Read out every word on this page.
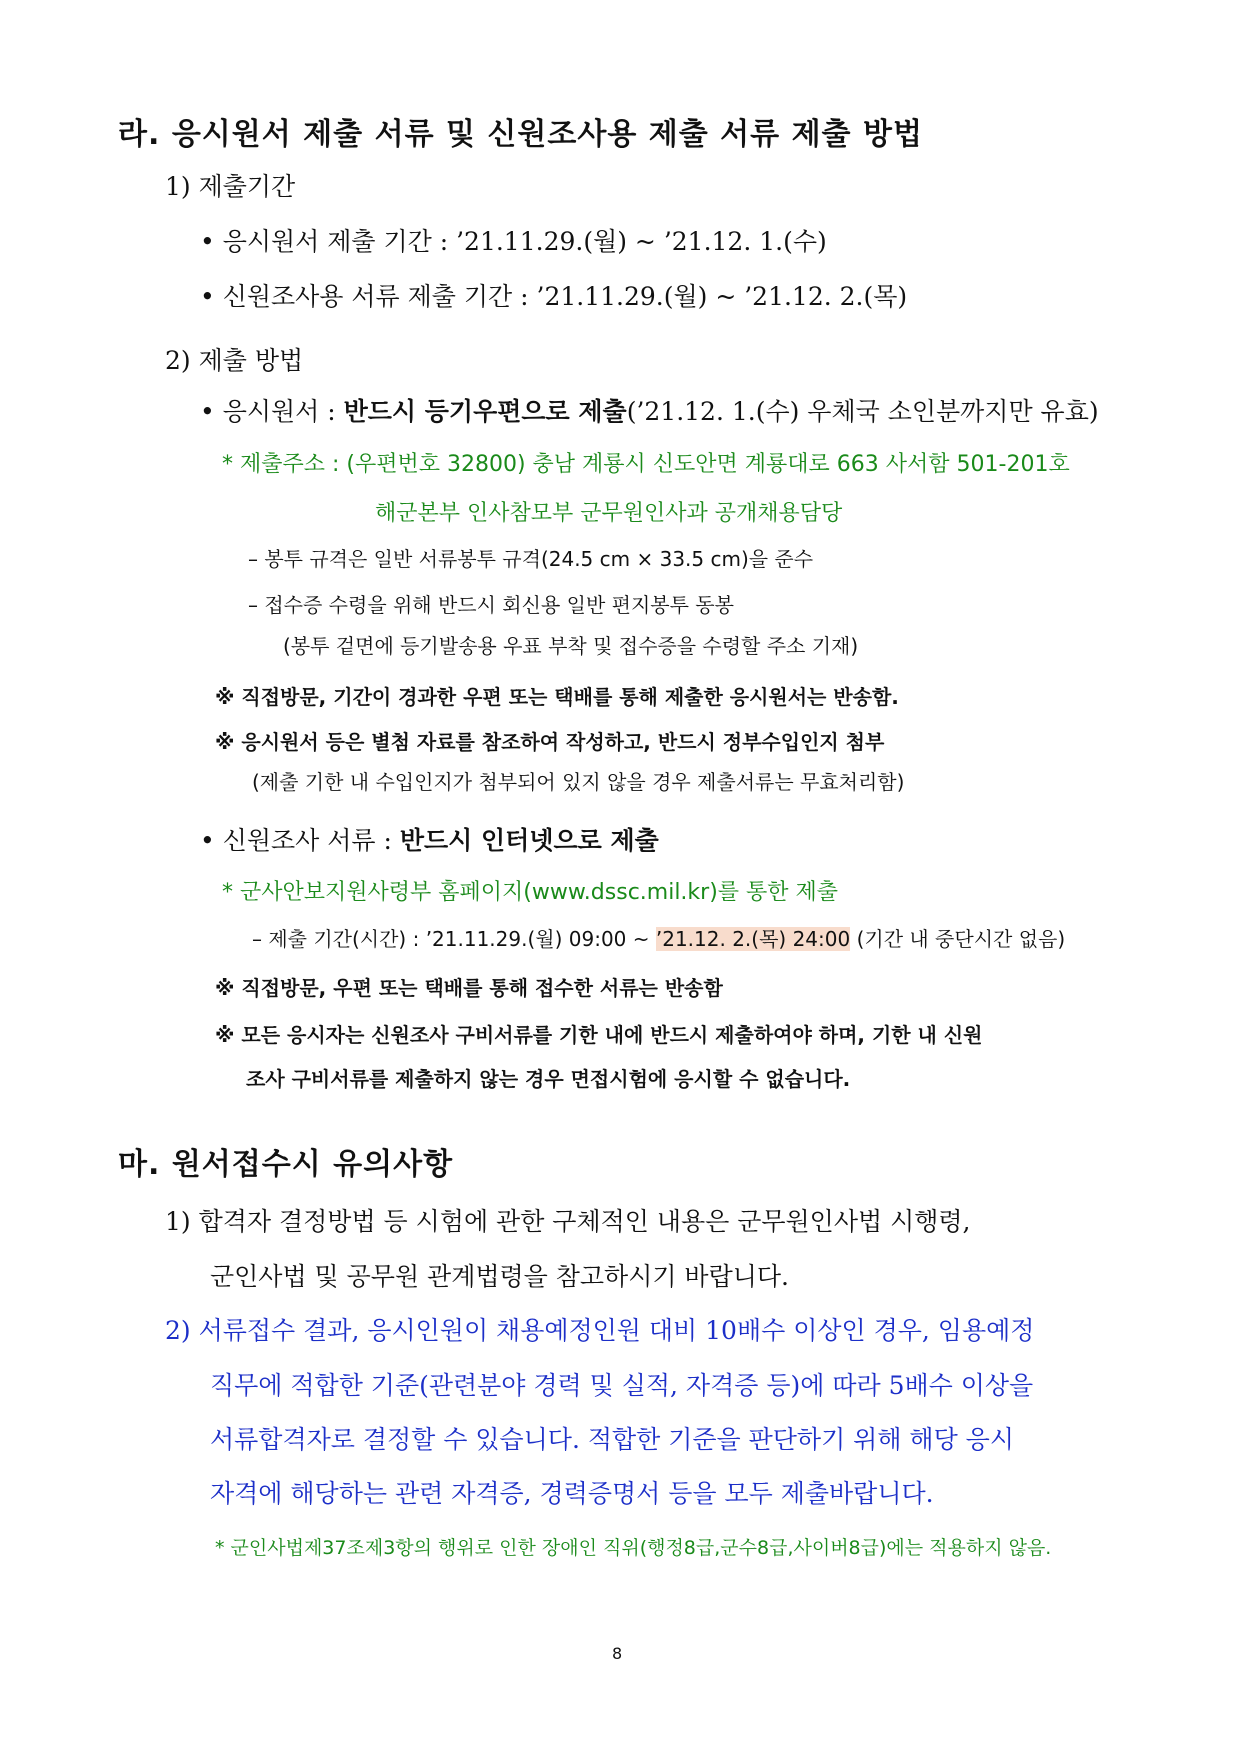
라. 응시원서 제출 서류 및 신원조사용 제출 서류 제출 방법
1) 제출기간
• 응시원서 제출 기간 : ’21.11.29.(월) ~ ’21.12. 1.(수)
• 신원조사용 서류 제출 기간 : ’21.11.29.(월) ~ ’21.12. 2.(목)
2) 제출 방법
• 응시원서 : 반드시 등기우편으로 제출(’21.12. 1.(수) 우체국 소인분까지만 유효)
* 제출주소 : (우편번호 32800) 충남 계룡시 신도안면 계룡대로 663 사서함 501-201호
해군본부 인사참모부 군무원인사과 공개채용담당
– 봉투 규격은 일반 서류봉투 규격(24.5 cm × 33.5 cm)을 준수
– 접수증 수령을 위해 반드시 회신용 일반 편지봉투 동봉
(봉투 겉면에 등기발송용 우표 부착 및 접수증을 수령할 주소 기재)
※ 직접방문, 기간이 경과한 우편 또는 택배를 통해 제출한 응시원서는 반송함.
※ 응시원서 등은 별첨 자료를 참조하여 작성하고, 반드시 정부수입인지 첨부
(제출 기한 내 수입인지가 첨부되어 있지 않을 경우 제출서류는 무효처리함)
• 신원조사 서류 : 반드시 인터넷으로 제출
* 군사안보지원사령부 홈페이지(www.dssc.mil.kr)를 통한 제출
– 제출 기간(시간) : ’21.11.29.(월) 09:00 ~ ’21.12. 2.(목) 24:00 (기간 내 중단시간 없음)
※ 직접방문, 우편 또는 택배를 통해 접수한 서류는 반송함
※ 모든 응시자는 신원조사 구비서류를 기한 내에 반드시 제출하여야 하며, 기한 내 신원
조사 구비서류를 제출하지 않는 경우 면접시험에 응시할 수 없습니다.
마. 원서접수시 유의사항
1) 합격자 결정방법 등 시험에 관한 구체적인 내용은 군무원인사법 시행령,
군인사법 및 공무원 관계법령을 참고하시기 바랍니다.
2) 서류접수 결과, 응시인원이 채용예정인원 대비 10배수 이상인 경우, 임용예정
직무에 적합한 기준(관련분야 경력 및 실적, 자격증 등)에 따라 5배수 이상을
서류합격자로 결정할 수 있습니다. 적합한 기준을 판단하기 위해 해당 응시
자격에 해당하는 관련 자격증, 경력증명서 등을 모두 제출바랍니다.
* 군인사법제37조제3항의 행위로 인한 장애인 직위(행정8급,군수8급,사이버8급)에는 적용하지 않음.
8
